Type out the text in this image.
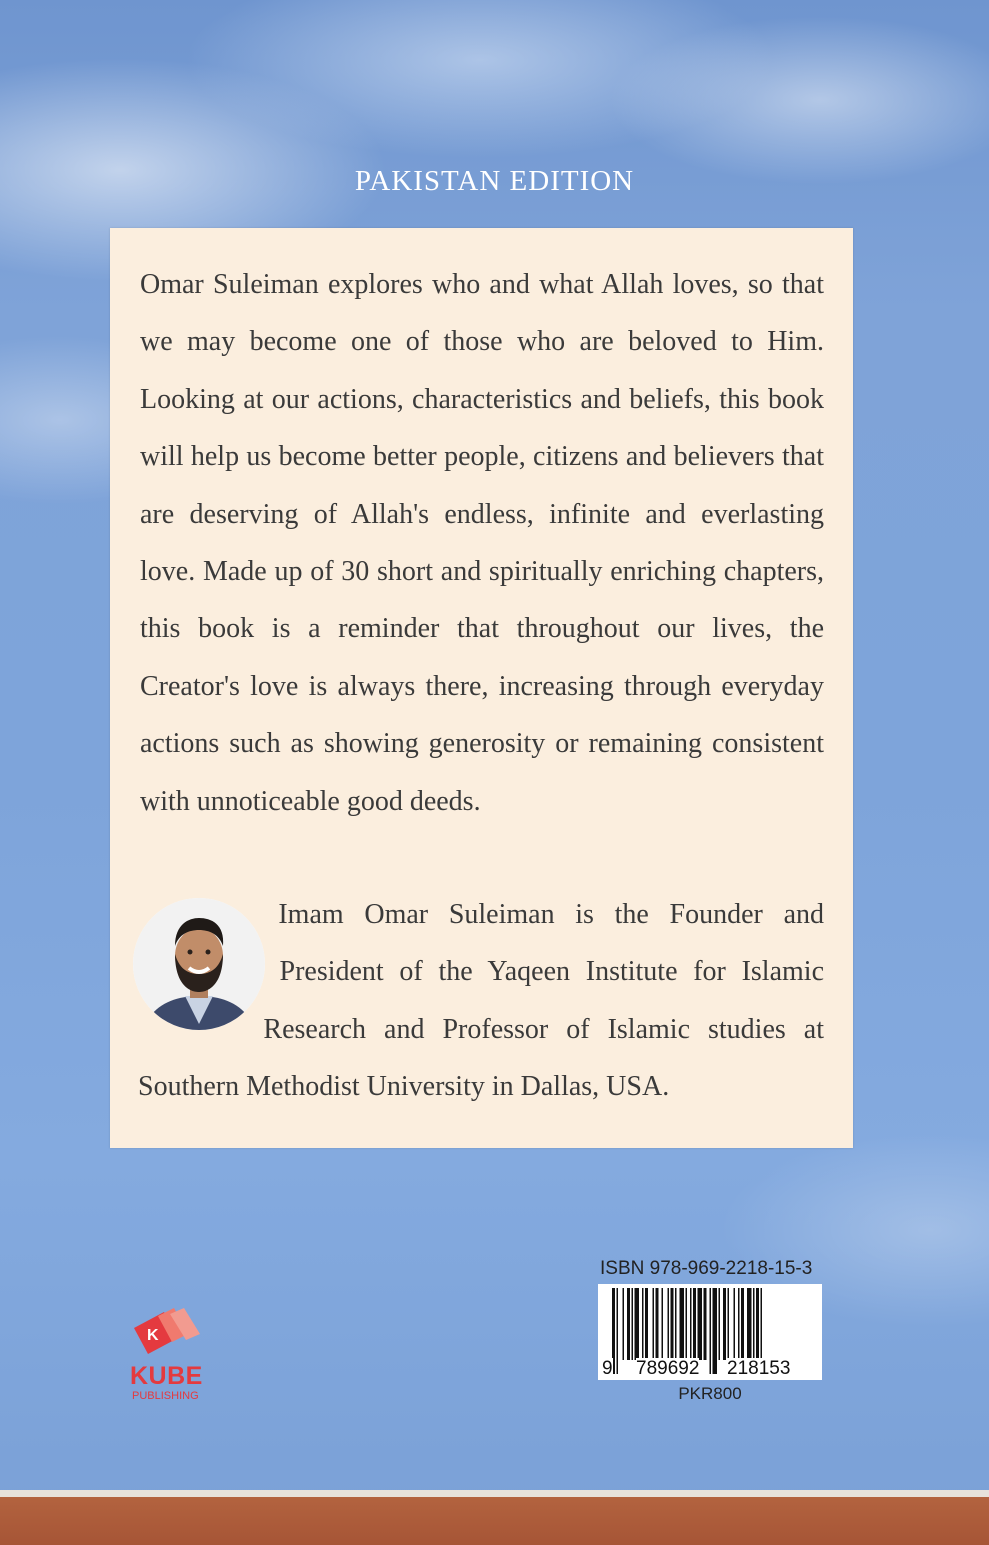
PAKISTAN EDITION

Omar Suleiman explores who and what Allah loves, so that we may become one of those who are beloved to Him. Looking at our actions, characteristics and beliefs, this book will help us become better people, citizens and believers that are deserving of Allah's endless, infinite and everlasting love. Made up of 30 short and spiritually enriching chapters, this book is a reminder that throughout our lives, the Creator's love is always there, increasing through everyday actions such as showing generosity or remaining consistent with unnoticeable good deeds.

Imam Omar Suleiman is the Founder and President of the Yaqeen Institute for Islamic Research and Professor of Islamic studies at Southern Methodist University in Dallas, USA.

K
KUBE
PUBLISHING
ISBN 978-969-2218-15-3
9 789692 218153
PKR800
